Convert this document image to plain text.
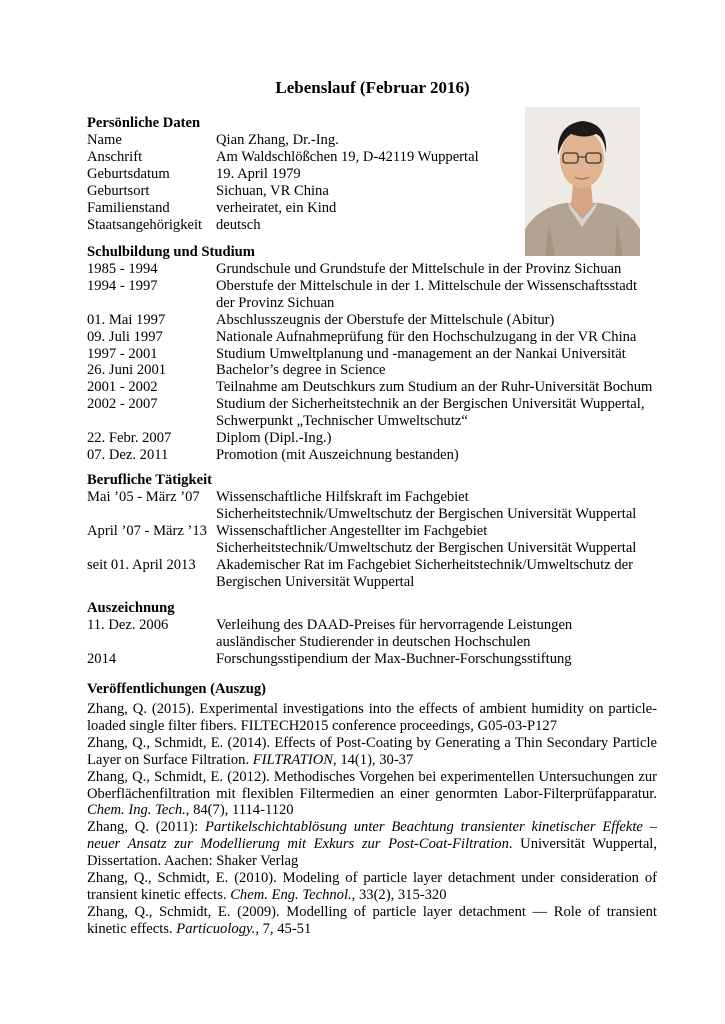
Lebenslauf (Februar 2016)
Persönliche Daten
Name	Qian Zhang, Dr.-Ing.
Anschrift	Am Waldschlößchen 19, D-42119 Wuppertal
Geburtsdatum	19. April 1979
Geburtsort	Sichuan, VR China
Familienstand	verheiratet, ein Kind
Staatsangehörigkeit deutsch
Schulbildung und Studium
1985 - 1994	Grundschule und Grundstufe der Mittelschule in der Provinz Sichuan
1994 - 1997	Oberstufe der Mittelschule in der 1. Mittelschule der Wissenschaftsstadt
der Provinz Sichuan
01. Mai 1997	Abschlusszeugnis der Oberstufe der Mittelschule (Abitur)
09. Juli 1997	Nationale Aufnahmeprüfung für den Hochschulzugang in der VR China
1997 - 2001	Studium Umweltplanung und -management an der Nankai Universität
26. Juni 2001	Bachelor’s degree in Science
2001 - 2002	Teilnahme am Deutschkurs zum Studium an der Ruhr-Universität Bochum
2002 - 2007	Studium der Sicherheitstechnik an der Bergischen Universität Wuppertal,
Schwerpunkt „Technischer Umweltschutz“
22. Febr. 2007	Diplom (Dipl.-Ing.)
07. Dez. 2011	Promotion (mit Auszeichnung bestanden)
Berufliche Tätigkeit
Mai ’05 - März ’07	Wissenschaftliche Hilfskraft im Fachgebiet
Sicherheitstechnik/Umweltschutz der Bergischen Universität Wuppertal
April ’07 - März ’13 Wissenschaftlicher Angestellter im Fachgebiet
Sicherheitstechnik/Umweltschutz der Bergischen Universität Wuppertal
seit 01. April 2013	Akademischer Rat im Fachgebiet Sicherheitstechnik/Umweltschutz der
Bergischen Universität Wuppertal
Auszeichnung
11. Dez. 2006	Verleihung des DAAD-Preises für hervorragende Leistungen
ausländischer Studierender in deutschen Hochschulen
2014	Forschungsstipendium der Max-Buchner-Forschungsstiftung
Veröffentlichungen (Auszug)
Zhang, Q. (2015). Experimental investigations into the effects of ambient humidity on particle-loaded single filter fibers. FILTECH2015 conference proceedings, G05-03-P127
Zhang, Q., Schmidt, E. (2014). Effects of Post-Coating by Generating a Thin Secondary Particle Layer on Surface Filtration. FILTRATION, 14(1), 30-37
Zhang, Q., Schmidt, E. (2012). Methodisches Vorgehen bei experimentellen Untersuchungen zur Oberflächenfiltration mit flexiblen Filtermedien an einer genormten Labor-Filterprüfapparatur. Chem. Ing. Tech., 84(7), 1114-1120
Zhang, Q. (2011): Partikelschichtablösung unter Beachtung transienter kinetischer Effekte – neuer Ansatz zur Modellierung mit Exkurs zur Post-Coat-Filtration. Universität Wuppertal, Dissertation. Aachen: Shaker Verlag
Zhang, Q., Schmidt, E. (2010). Modeling of particle layer detachment under consideration of transient kinetic effects. Chem. Eng. Technol., 33(2), 315-320
Zhang, Q., Schmidt, E. (2009). Modelling of particle layer detachment — Role of transient kinetic effects. Particuology., 7, 45-51
